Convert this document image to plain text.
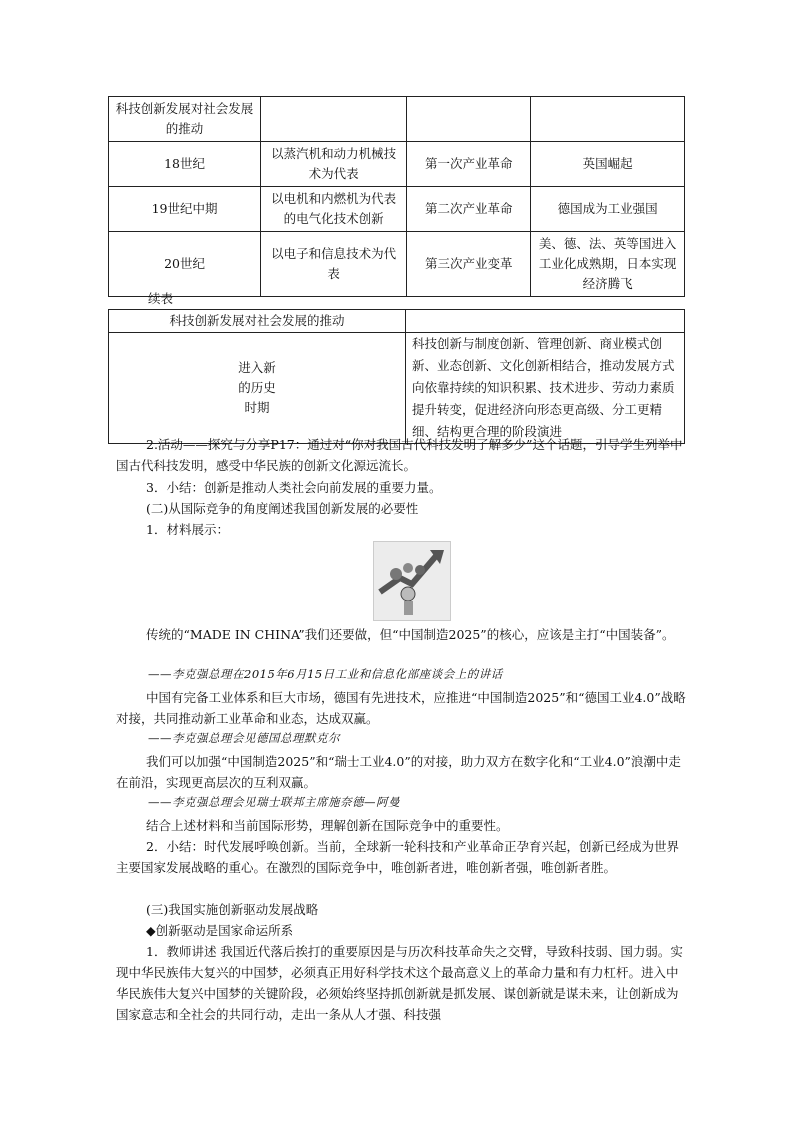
科技创新发展对社会发展的推动			
18世纪	以蒸汽机和动力机械技术为代表	第一次产业革命	英国崛起
19世纪中期	以电机和内燃机为代表的电气化技术创新	第二次产业革命	德国成为工业强国
20世纪	以电子和信息技术为代表	第三次产业变革	美、德、法、英等国进入工业化成熟期，日本实现经济腾飞
续表
科技创新发展对社会发展的推动	

进入新
的历史
时期	科技创新与制度创新、管理创新、商业模式创新、业态创新、文化创新相结合，推动发展方式向依靠持续的知识积累、技术进步、劳动力素质提升转变，促进经济向形态更高级、分工更精细、结构更合理的阶段演进

2.活动——探究与分享P17：通过对“你对我国古代科技发明了解多少”这个话题，引导学生列举中国古代科技发明，感受中华民族的创新文化源远流长。

3．小结：创新是推动人类社会向前发展的重要力量。

(二)从国际竞争的角度阐述我国创新发展的必要性

1．材料展示：

传统的“MADE IN CHINA”我们还要做，但“中国制造2025”的核心，应该是主打“中国装备”。

——李克强总理在2015年6月15日工业和信息化部座谈会上的讲话

中国有完备工业体系和巨大市场，德国有先进技术，应推进“中国制造2025”和“德国工业4.0”战略对接，共同推动新工业革命和业态，达成双赢。

——李克强总理会见德国总理默克尔

我们可以加强“中国制造2025”和“瑞士工业4.0”的对接，助力双方在数字化和“工业4.0”浪潮中走在前沿，实现更高层次的互利双赢。

——李克强总理会见瑞士联邦主席施奈德—阿曼

结合上述材料和当前国际形势，理解创新在国际竞争中的重要性。

2．小结：时代发展呼唤创新。当前，全球新一轮科技和产业革命正孕育兴起，创新已经成为世界主要国家发展战略的重心。在激烈的国际竞争中，唯创新者进，唯创新者强，唯创新者胜。

(三)我国实施创新驱动发展战略

◆创新驱动是国家命运所系

1．教师讲述 我国近代落后挨打的重要原因是与历次科技革命失之交臂，导致科技弱、国力弱。实现中华民族伟大复兴的中国梦，必须真正用好科学技术这个最高意义上的革命力量和有力杠杆。进入中华民族伟大复兴中国梦的关键阶段，必须始终坚持抓创新就是抓发展、谋创新就是谋未来，让创新成为国家意志和全社会的共同行动，走出一条从人才强、科技强
